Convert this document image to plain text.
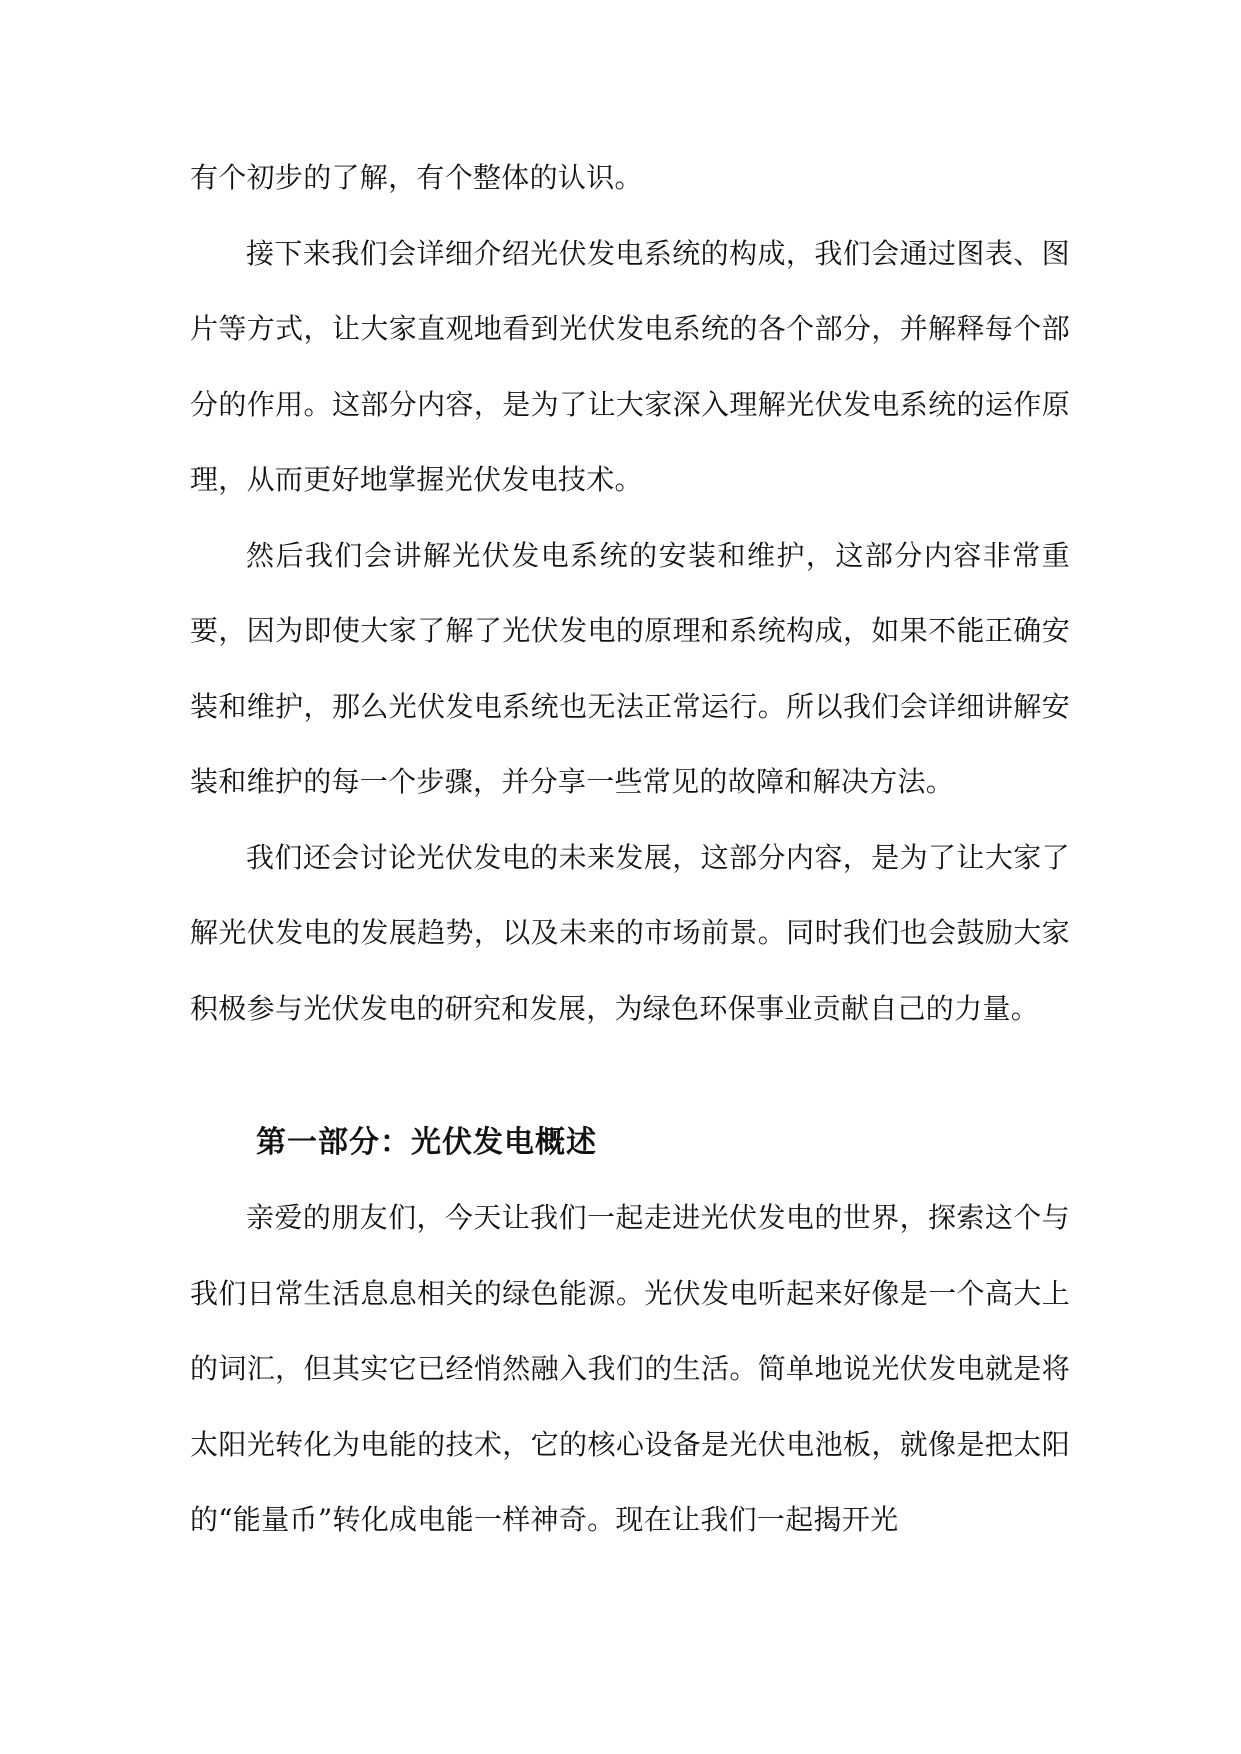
有个初步的了解，有个整体的认识。

接下来我们会详细介绍光伏发电系统的构成，我们会通过图表、图片等方式，让大家直观地看到光伏发电系统的各个部分，并解释每个部分的作用。这部分内容，是为了让大家深入理解光伏发电系统的运作原理，从而更好地掌握光伏发电技术。

然后我们会讲解光伏发电系统的安装和维护，这部分内容非常重要，因为即使大家了解了光伏发电的原理和系统构成，如果不能正确安装和维护，那么光伏发电系统也无法正常运行。所以我们会详细讲解安装和维护的每一个步骤，并分享一些常见的故障和解决方法。

我们还会讨论光伏发电的未来发展，这部分内容，是为了让大家了解光伏发电的发展趋势，以及未来的市场前景。同时我们也会鼓励大家积极参与光伏发电的研究和发展，为绿色环保事业贡献自己的力量。

第一部分：光伏发电概述

亲爱的朋友们，今天让我们一起走进光伏发电的世界，探索这个与我们日常生活息息相关的绿色能源。光伏发电听起来好像是一个高大上的词汇，但其实它已经悄然融入我们的生活。简单地说光伏发电就是将太阳光转化为电能的技术，它的核心设备是光伏电池板，就像是把太阳的“能量币”转化成电能一样神奇。现在让我们一起揭开光
